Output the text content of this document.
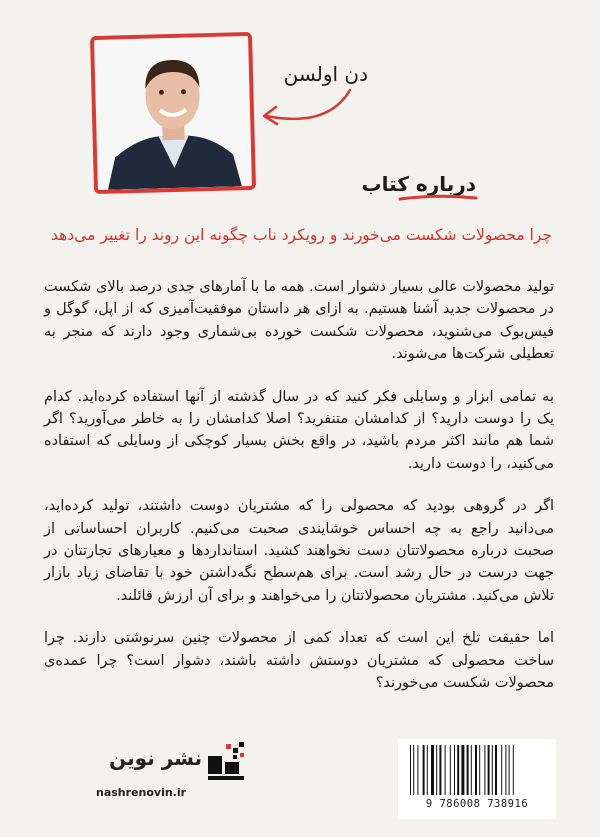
دن اولسن
درباره کتاب
چرا محصولات شکست می‌خورند و رویکرد ناب چگونه این روند را تغییر می‌دهد

تولید محصولات عالی بسیار دشوار است. همه ما با آمارهای جدی درصد بالای شکست در محصولات جدید آشنا هستیم. به ازای هر داستان موفقیت‌آمیزی که از اپل، گوگل و فیس‌بوک می‌شنوید، محصولات شکست خورده بی‌شماری وجود دارند که منجر به تعطیلی شرکت‌ها می‌شوند.

به تمامی ابزار و وسایلی فکر کنید که در سال گذشته از آنها استفاده کرده‌اید. کدام یک را دوست دارید؟ از کدامشان متنفرید؟ اصلا کدامشان را به خاطر می‌آورید؟ اگر شما هم مانند اکثر مردم باشید، در واقع بخش بسیار کوچکی از وسایلی که استفاده می‌کنید، را دوست دارید.

اگر در گروهی بودید که محصولی را که مشتریان دوست داشتند، تولید کرده‌اید، می‌دانید راجع به چه احساس خوشایندی صحبت می‌کنیم. کاربران احساساتی از صحبت درباره محصولاتتان دست نخواهند کشید. استانداردها و معیارهای تجارتتان در جهت درست در حال رشد است. برای هم‌سطح نگه‌داشتن خود با تقاضای زیاد بازار تلاش می‌کنید. مشتریان محصولاتتان را می‌خواهند و برای آن ارزش قائلند.

اما حقیقت تلخ این است که تعداد کمی از محصولات چنین سرنوشتی دارند. چرا ساخت محصولی که مشتریان دوستش داشته باشند، دشوار است؟ چرا عمده‌ی محصولات شکست می‌خورند؟

نشر نوین
nashrenovin.ir
9 786008 738916
